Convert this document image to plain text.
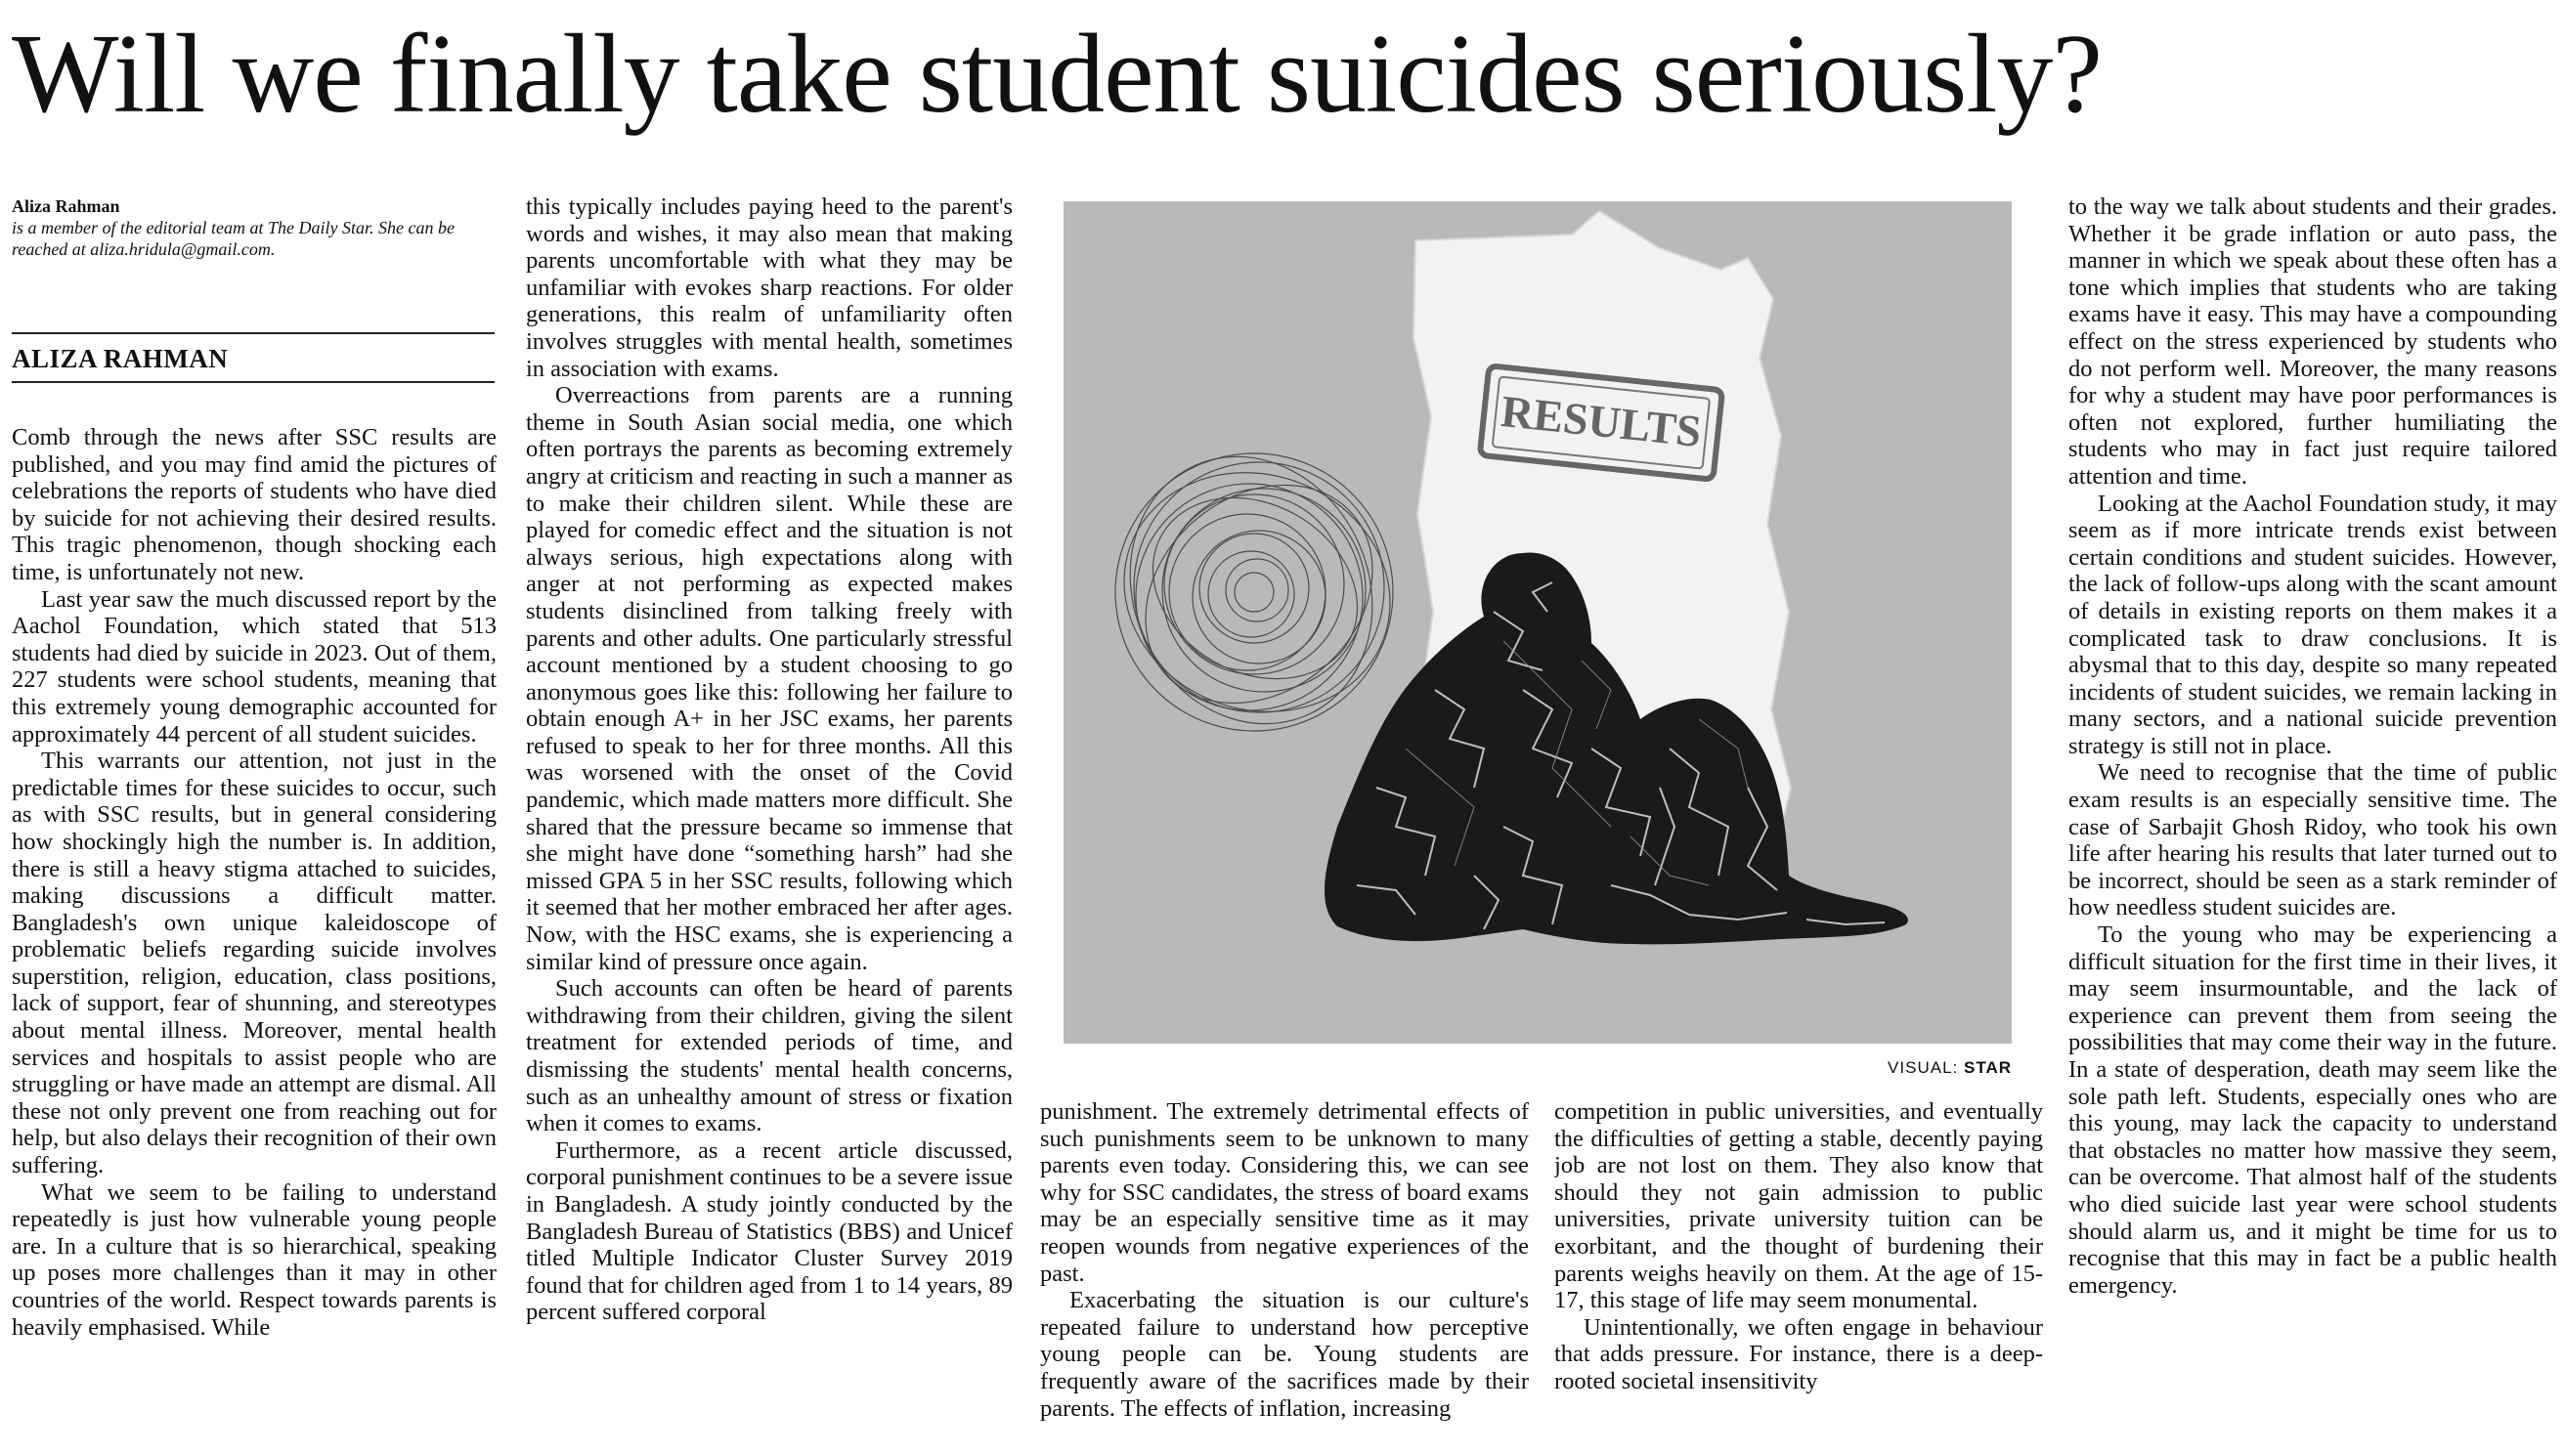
Will we finally take student suicides seriously?
Aliza Rahman
is a member of the editorial team at The Daily Star. She can be reached at aliza.hridula@gmail.com.
ALIZA RAHMAN

Comb through the news after SSC results are published, and you may find amid the pictures of celebrations the reports of students who have died by suicide for not achieving their desired results. This tragic phenomenon, though shocking each time, is unfortunately not new.

Last year saw the much discussed report by the Aachol Foundation, which stated that 513 students had died by suicide in 2023. Out of them, 227 students were school students, meaning that this extremely young demographic accounted for approximately 44 percent of all student suicides.

This warrants our attention, not just in the predictable times for these suicides to occur, such as with SSC results, but in general considering how shockingly high the number is. In addition, there is still a heavy stigma attached to suicides, making discussions a difficult matter. Bangladesh's own unique kaleidoscope of problematic beliefs regarding suicide involves superstition, religion, education, class positions, lack of support, fear of shunning, and stereotypes about mental illness. Moreover, mental health services and hospitals to assist people who are struggling or have made an attempt are dismal. All these not only prevent one from reaching out for help, but also delays their recognition of their own suffering.

What we seem to be failing to understand repeatedly is just how vulnerable young people are. In a culture that is so hierarchical, speaking up poses more challenges than it may in other countries of the world. Respect towards parents is heavily emphasised. While

this typically includes paying heed to the parent's words and wishes, it may also mean that making parents uncomfortable with what they may be unfamiliar with evokes sharp reactions. For older generations, this realm of unfamiliarity often involves struggles with mental health, sometimes in association with exams.

Overreactions from parents are a running theme in South Asian social media, one which often portrays the parents as becoming extremely angry at criticism and reacting in such a manner as to make their children silent. While these are played for comedic effect and the situation is not always serious, high expectations along with anger at not performing as expected makes students disinclined from talking freely with parents and other adults. One particularly stressful account mentioned by a student choosing to go anonymous goes like this: following her failure to obtain enough A+ in her JSC exams, her parents refused to speak to her for three months. All this was worsened with the onset of the Covid pandemic, which made matters more difficult. She shared that the pressure became so immense that she might have done “something harsh” had she missed GPA 5 in her SSC results, following which it seemed that her mother embraced her after ages. Now, with the HSC exams, she is experiencing a similar kind of pressure once again.

Such accounts can often be heard of parents withdrawing from their children, giving the silent treatment for extended periods of time, and dismissing the students' mental health concerns, such as an unhealthy amount of stress or fixation when it comes to exams.

Furthermore, as a recent article discussed, corporal punishment continues to be a severe issue in Bangladesh. A study jointly conducted by the Bangladesh Bureau of Statistics (BBS) and Unicef titled Multiple Indicator Cluster Survey 2019 found that for children aged from 1 to 14 years, 89 percent suffered corporal

RESULTS
VISUAL: STAR

punishment. The extremely detrimental effects of such punishments seem to be unknown to many parents even today. Considering this, we can see why for SSC candidates, the stress of board exams may be an especially sensitive time as it may reopen wounds from negative experiences of the past.

Exacerbating the situation is our culture's repeated failure to understand how perceptive young people can be. Young students are frequently aware of the sacrifices made by their parents. The effects of inflation, increasing

competition in public universities, and eventually the difficulties of getting a stable, decently paying job are not lost on them. They also know that should they not gain admission to public universities, private university tuition can be exorbitant, and the thought of burdening their parents weighs heavily on them. At the age of 15-17, this stage of life may seem monumental.

Unintentionally, we often engage in behaviour that adds pressure. For instance, there is a deep-rooted societal insensitivity

to the way we talk about students and their grades. Whether it be grade inflation or auto pass, the manner in which we speak about these often has a tone which implies that students who are taking exams have it easy. This may have a compounding effect on the stress experienced by students who do not perform well. Moreover, the many reasons for why a student may have poor performances is often not explored, further humiliating the students who may in fact just require tailored attention and time.

Looking at the Aachol Foundation study, it may seem as if more intricate trends exist between certain conditions and student suicides. However, the lack of follow-ups along with the scant amount of details in existing reports on them makes it a complicated task to draw conclusions. It is abysmal that to this day, despite so many repeated incidents of student suicides, we remain lacking in many sectors, and a national suicide prevention strategy is still not in place.

We need to recognise that the time of public exam results is an especially sensitive time. The case of Sarbajit Ghosh Ridoy, who took his own life after hearing his results that later turned out to be incorrect, should be seen as a stark reminder of how needless student suicides are.

To the young who may be experiencing a difficult situation for the first time in their lives, it may seem insurmountable, and the lack of experience can prevent them from seeing the possibilities that may come their way in the future. In a state of desperation, death may seem like the sole path left. Students, especially ones who are this young, may lack the capacity to understand that obstacles no matter how massive they seem, can be overcome. That almost half of the students who died suicide last year were school students should alarm us, and it might be time for us to recognise that this may in fact be a public health emergency.
